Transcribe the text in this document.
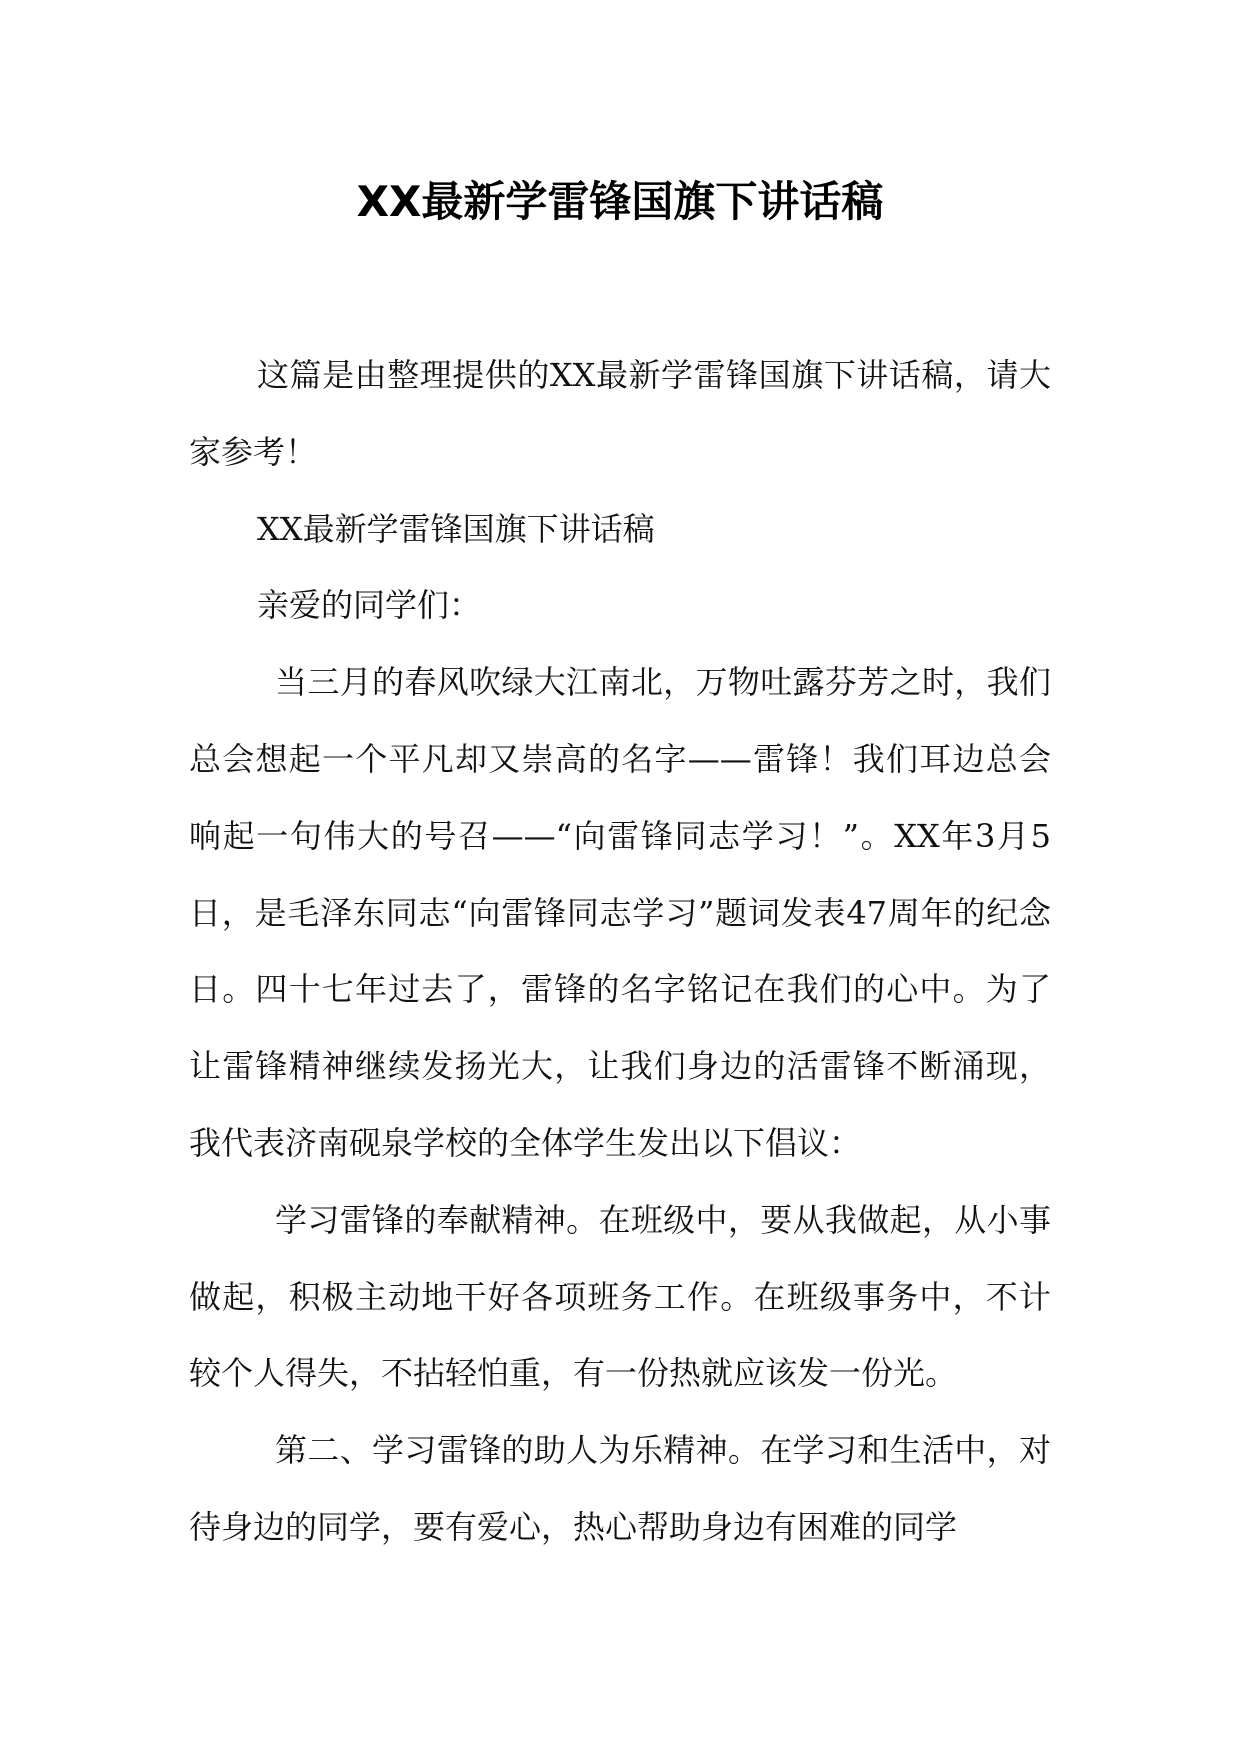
XX最新学雷锋国旗下讲话稿

这篇是由整理提供的XX最新学雷锋国旗下讲话稿，请大家参考！

XX最新学雷锋国旗下讲话稿

亲爱的同学们：

当三月的春风吹绿大江南北，万物吐露芬芳之时，我们总会想起一个平凡却又崇高的名字——雷锋！我们耳边总会响起一句伟大的号召——“向雷锋同志学习！”。XX年3月5日，是毛泽东同志“向雷锋同志学习”题词发表47周年的纪念日。四十七年过去了，雷锋的名字铭记在我们的心中。为了让雷锋精神继续发扬光大，让我们身边的活雷锋不断涌现，我代表济南砚泉学校的全体学生发出以下倡议：

学习雷锋的奉献精神。在班级中，要从我做起，从小事做起，积极主动地干好各项班务工作。在班级事务中，不计较个人得失，不拈轻怕重，有一份热就应该发一份光。

第二、学习雷锋的助人为乐精神。在学习和生活中，对待身边的同学，要有爱心，热心帮助身边有困难的同学
